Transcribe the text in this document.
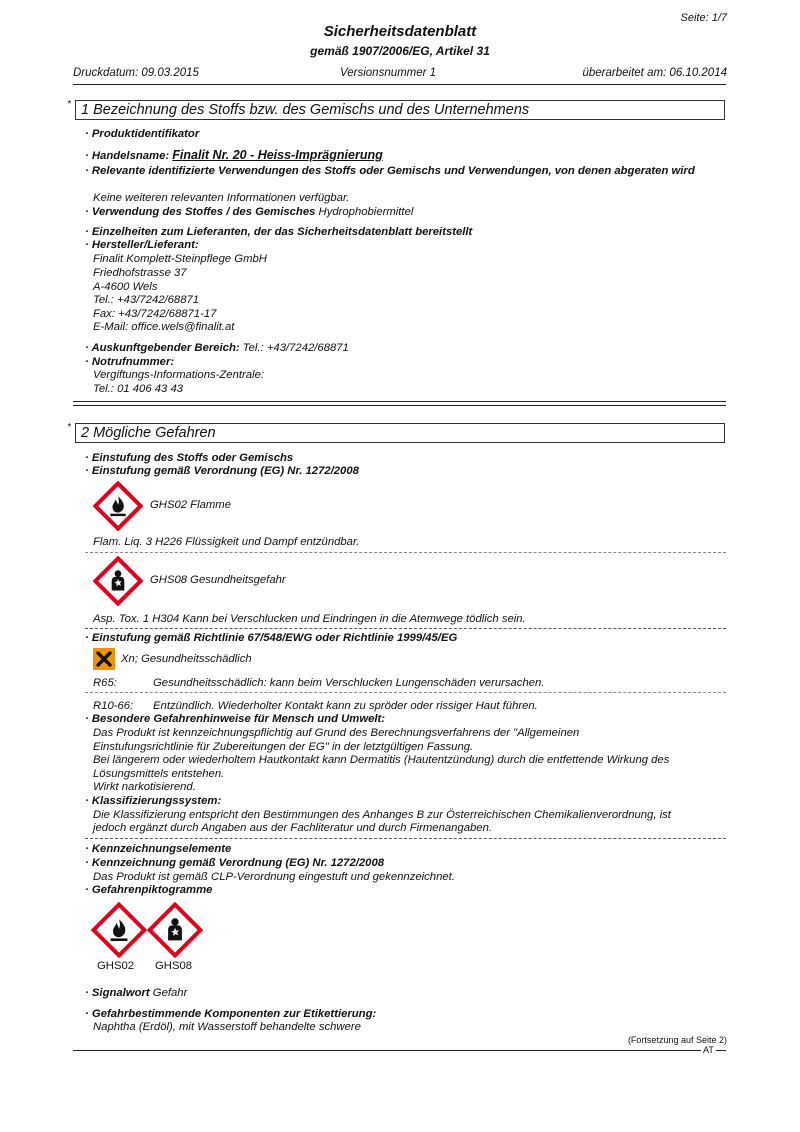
Seite: 1/7
Sicherheitsdatenblatt
gemäß 1907/2006/EG, Artikel 31
Druckdatum: 09.03.2015	Versionsnummer 1	überarbeitet am: 06.10.2014
* 1 Bezeichnung des Stoffs bzw. des Gemischs und des Unternehmens
· Produktidentifikator
· Handelsname: Finalit Nr. 20 - Heiss-Imprägnierung
· Relevante identifizierte Verwendungen des Stoffs oder Gemischs und Verwendungen, von denen abgeraten wird
Keine weiteren relevanten Informationen verfügbar.
· Verwendung des Stoffes / des Gemisches Hydrophobiermittel
· Einzelheiten zum Lieferanten, der das Sicherheitsdatenblatt bereitstellt
· Hersteller/Lieferant:
Finalit Komplett-Steinpflege GmbH
Friedhofstrasse 37
A-4600 Wels
Tel.: +43/7242/68871
Fax: +43/7242/68871-17
E-Mail: office.wels@finalit.at
· Auskunftgebender Bereich: Tel.: +43/7242/68871
· Notrufnummer:
Vergiftungs-Informations-Zentrale:
Tel.: 01 406 43 43
* 2 Mögliche Gefahren
· Einstufung des Stoffs oder Gemischs
· Einstufung gemäß Verordnung (EG) Nr. 1272/2008
GHS02 Flamme
Flam. Liq. 3 H226 Flüssigkeit und Dampf entzündbar.
GHS08 Gesundheitsgefahr
Asp. Tox. 1 H304 Kann bei Verschlucken und Eindringen in die Atemwege tödlich sein.
· Einstufung gemäß Richtlinie 67/548/EWG oder Richtlinie 1999/45/EG
Xn; Gesundheitsschädlich
R65:	Gesundheitsschädlich: kann beim Verschlucken Lungenschäden verursachen.
R10-66: Entzündlich. Wiederholter Kontakt kann zu spröder oder rissiger Haut führen.
· Besondere Gefahrenhinweise für Mensch und Umwelt:
Das Produkt ist kennzeichnungspflichtig auf Grund des Berechnungsverfahrens der "Allgemeinen
Einstufungsrichtlinie für Zubereitungen der EG" in der letztgültigen Fassung.
Bei längerem oder wiederholtem Hautkontakt kann Dermatitis (Hautentzündung) durch die entfettende Wirkung des
Lösungsmittels entstehen.
Wirkt narkotisierend.
· Klassifizierungssystem:
Die Klassifizierung entspricht den Bestimmungen des Anhanges B zur Österreichischen Chemikalienverordnung, ist
jedoch ergänzt durch Angaben aus der Fachliteratur und durch Firmenangaben.
· Kennzeichnungselemente
· Kennzeichnung gemäß Verordnung (EG) Nr. 1272/2008
Das Produkt ist gemäß CLP-Verordnung eingestuft und gekennzeichnet.
· Gefahrenpiktogramme
GHS02 GHS08
· Signalwort Gefahr
· Gefahrbestimmende Komponenten zur Etikettierung:
Naphtha (Erdöl), mit Wasserstoff behandelte schwere
(Fortsetzung auf Seite 2)
AT
